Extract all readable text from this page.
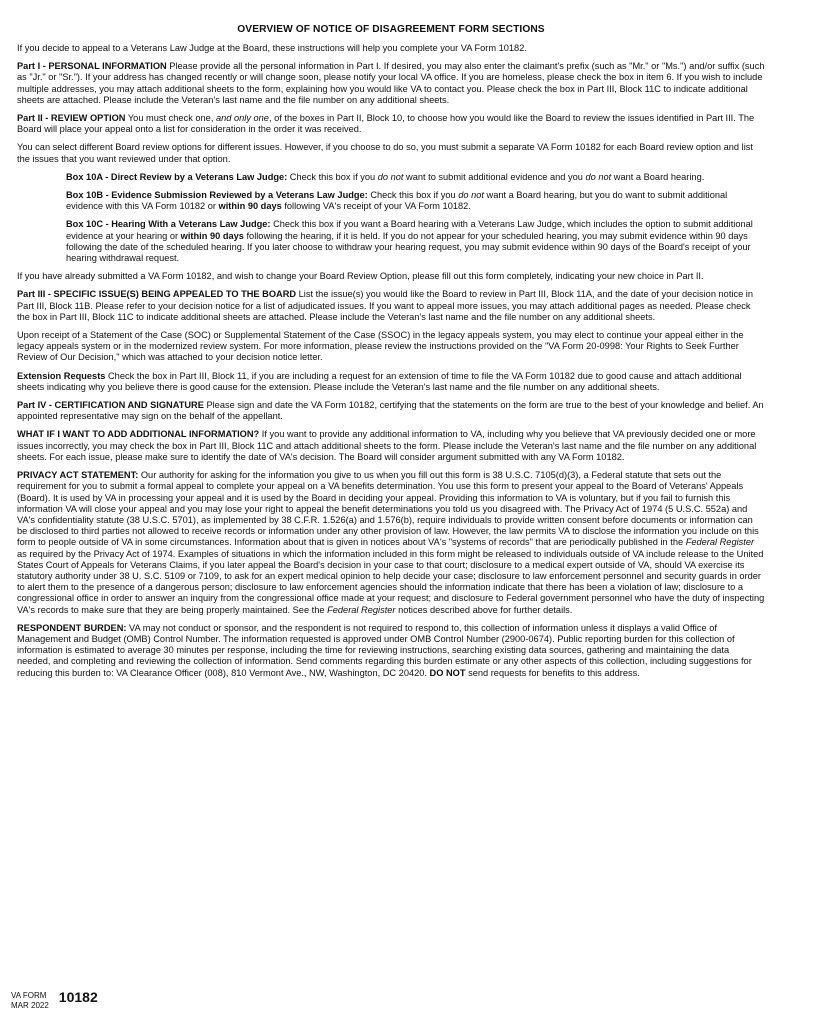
OVERVIEW OF NOTICE OF DISAGREEMENT FORM SECTIONS

If you decide to appeal to a Veterans Law Judge at the Board, these instructions will help you complete your VA Form 10182.

Part I - PERSONAL INFORMATION Please provide all the personal information in Part I. If desired, you may also enter the claimant's prefix (such as "Mr." or "Ms.") and/or suffix (such as "Jr." or "Sr."). If your address has changed recently or will change soon, please notify your local VA office. If you are homeless, please check the box in item 6. If you wish to include multiple addresses, you may attach additional sheets to the form, explaining how you would like VA to contact you. Please check the box in Part III, Block 11C to indicate additional sheets are attached. Please include the Veteran's last name and the file number on any additional sheets.

Part II - REVIEW OPTION You must check one, and only one, of the boxes in Part II, Block 10, to choose how you would like the Board to review the issues identified in Part III. The Board will place your appeal onto a list for consideration in the order it was received.

You can select different Board review options for different issues. However, if you choose to do so, you must submit a separate VA Form 10182 for each Board review option and list the issues that you want reviewed under that option.

Box 10A - Direct Review by a Veterans Law Judge: Check this box if you do not want to submit additional evidence and you do not want a Board hearing.

Box 10B - Evidence Submission Reviewed by a Veterans Law Judge: Check this box if you do not want a Board hearing, but you do want to submit additional evidence with this VA Form 10182 or within 90 days following VA's receipt of your VA Form 10182.

Box 10C - Hearing With a Veterans Law Judge: Check this box if you want a Board hearing with a Veterans Law Judge, which includes the option to submit additional evidence at your hearing or within 90 days following the hearing, if it is held. If you do not appear for your scheduled hearing, you may submit evidence within 90 days following the date of the scheduled hearing. If you later choose to withdraw your hearing request, you may submit evidence within 90 days of the Board's receipt of your hearing withdrawal request.

If you have already submitted a VA Form 10182, and wish to change your Board Review Option, please fill out this form completely, indicating your new choice in Part II.

Part III - SPECIFIC ISSUE(S) BEING APPEALED TO THE BOARD List the issue(s) you would like the Board to review in Part III, Block 11A, and the date of your decision notice in Part III, Block 11B. Please refer to your decision notice for a list of adjudicated issues. If you want to appeal more issues, you may attach additional pages as needed. Please check the box in Part III, Block 11C to indicate additional sheets are attached. Please include the Veteran's last name and the file number on any additional sheets.

Upon receipt of a Statement of the Case (SOC) or Supplemental Statement of the Case (SSOC) in the legacy appeals system, you may elect to continue your appeal either in the legacy appeals system or in the modernized review system. For more information, please review the instructions provided on the "VA Form 20-0998: Your Rights to Seek Further Review of Our Decision," which was attached to your decision notice letter.

Extension Requests Check the box in Part III, Block 11, if you are including a request for an extension of time to file the VA Form 10182 due to good cause and attach additional sheets indicating why you believe there is good cause for the extension. Please include the Veteran's last name and the file number on any additional sheets.

Part IV - CERTIFICATION AND SIGNATURE Please sign and date the VA Form 10182, certifying that the statements on the form are true to the best of your knowledge and belief. An appointed representative may sign on the behalf of the appellant.

WHAT IF I WANT TO ADD ADDITIONAL INFORMATION? If you want to provide any additional information to VA, including why you believe that VA previously decided one or more issues incorrectly, you may check the box in Part III, Block 11C and attach additional sheets to the form. Please include the Veteran's last name and the file number on any additional sheets. For each issue, please make sure to identify the date of VA's decision. The Board will consider argument submitted with any VA Form 10182.

PRIVACY ACT STATEMENT: Our authority for asking for the information you give to us when you fill out this form is 38 U.S.C. 7105(d)(3), a Federal statute that sets out the requirement for you to submit a formal appeal to complete your appeal on a VA benefits determination. You use this form to present your appeal to the Board of Veterans' Appeals (Board). It is used by VA in processing your appeal and it is used by the Board in deciding your appeal. Providing this information to VA is voluntary, but if you fail to furnish this information VA will close your appeal and you may lose your right to appeal the benefit determinations you told us you disagreed with. The Privacy Act of 1974 (5 U.S.C. 552a) and VA's confidentiality statute (38 U.S.C. 5701), as implemented by 38 C.F.R. 1.526(a) and 1.576(b), require individuals to provide written consent before documents or information can be disclosed to third parties not allowed to receive records or information under any other provision of law. However, the law permits VA to disclose the information you include on this form to people outside of VA in some circumstances. Information about that is given in notices about VA's "systems of records" that are periodically published in the Federal Register as required by the Privacy Act of 1974. Examples of situations in which the information included in this form might be released to individuals outside of VA include release to the United States Court of Appeals for Veterans Claims, if you later appeal the Board's decision in your case to that court; disclosure to a medical expert outside of VA, should VA exercise its statutory authority under 38 U. S.C. 5109 or 7109, to ask for an expert medical opinion to help decide your case; disclosure to law enforcement personnel and security guards in order to alert them to the presence of a dangerous person; disclosure to law enforcement agencies should the information indicate that there has been a violation of law; disclosure to a congressional office in order to answer an inquiry from the congressional office made at your request; and disclosure to Federal government personnel who have the duty of inspecting VA's records to make sure that they are being properly maintained. See the Federal Register notices described above for further details.

RESPONDENT BURDEN: VA may not conduct or sponsor, and the respondent is not required to respond to, this collection of information unless it displays a valid Office of Management and Budget (OMB) Control Number. The information requested is approved under OMB Control Number (2900-0674). Public reporting burden for this collection of information is estimated to average 30 minutes per response, including the time for reviewing instructions, searching existing data sources, gathering and maintaining the data needed, and completing and reviewing the collection of information. Send comments regarding this burden estimate or any other aspects of this collection, including suggestions for reducing this burden to: VA Clearance Officer (008), 810 Vermont Ave., NW, Washington, DC 20420. DO NOT send requests for benefits to this address.

VA FORM
MAR 202210182
